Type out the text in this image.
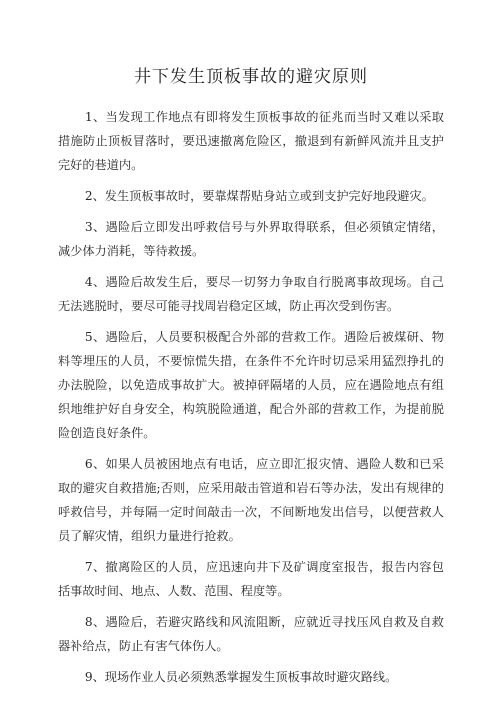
井下发生顶板事故的避灾原则

1、当发现工作地点有即将发生顶板事故的征兆而当时又难以采取措施防止顶板冒落时，要迅速撤离危险区，撤退到有新鲜风流并且支护完好的巷道内。

2、发生顶板事故时，要靠煤帮贴身站立或到支护完好地段避灾。

3、遇险后立即发出呼救信号与外界取得联系，但必须镇定情绪，减少体力消耗，等待救援。

4、遇险后故发生后，要尽一切努力争取自行脱离事故现场。自己无法逃脱时，要尽可能寻找周岩稳定区域，防止再次受到伤害。

5、遇险后，人员要积极配合外部的营救工作。遇险后被煤研、物料等埋压的人员，不要惊慌失措，在条件不允许时切忌采用猛烈挣扎的办法脱险，以免造成事故扩大。被掉砰隔堵的人员，应在遇险地点有组织地维护好自身安全，构筑脱险通道，配合外部的营救工作，为提前脱险创造良好条件。

6、如果人员被困地点有电话，应立即汇报灾情、遇险人数和已采取的避灾自救措施;否则，应采用敲击管道和岩石等办法，发出有规律的呼救信号，并每隔一定时间敲击一次，不间断地发出信号，以便营救人员了解灾情，组织力量进行抢救。

7、撤离险区的人员，应迅速向井下及矿调度室报告，报告内容包括事故时间、地点、人数、范围、程度等。

8、遇险后，若避灾路线和风流阻断，应就近寻找压风自救及自救器补给点，防止有害气体伤人。

9、现场作业人员必须熟悉掌握发生顶板事故时避灾路线。
